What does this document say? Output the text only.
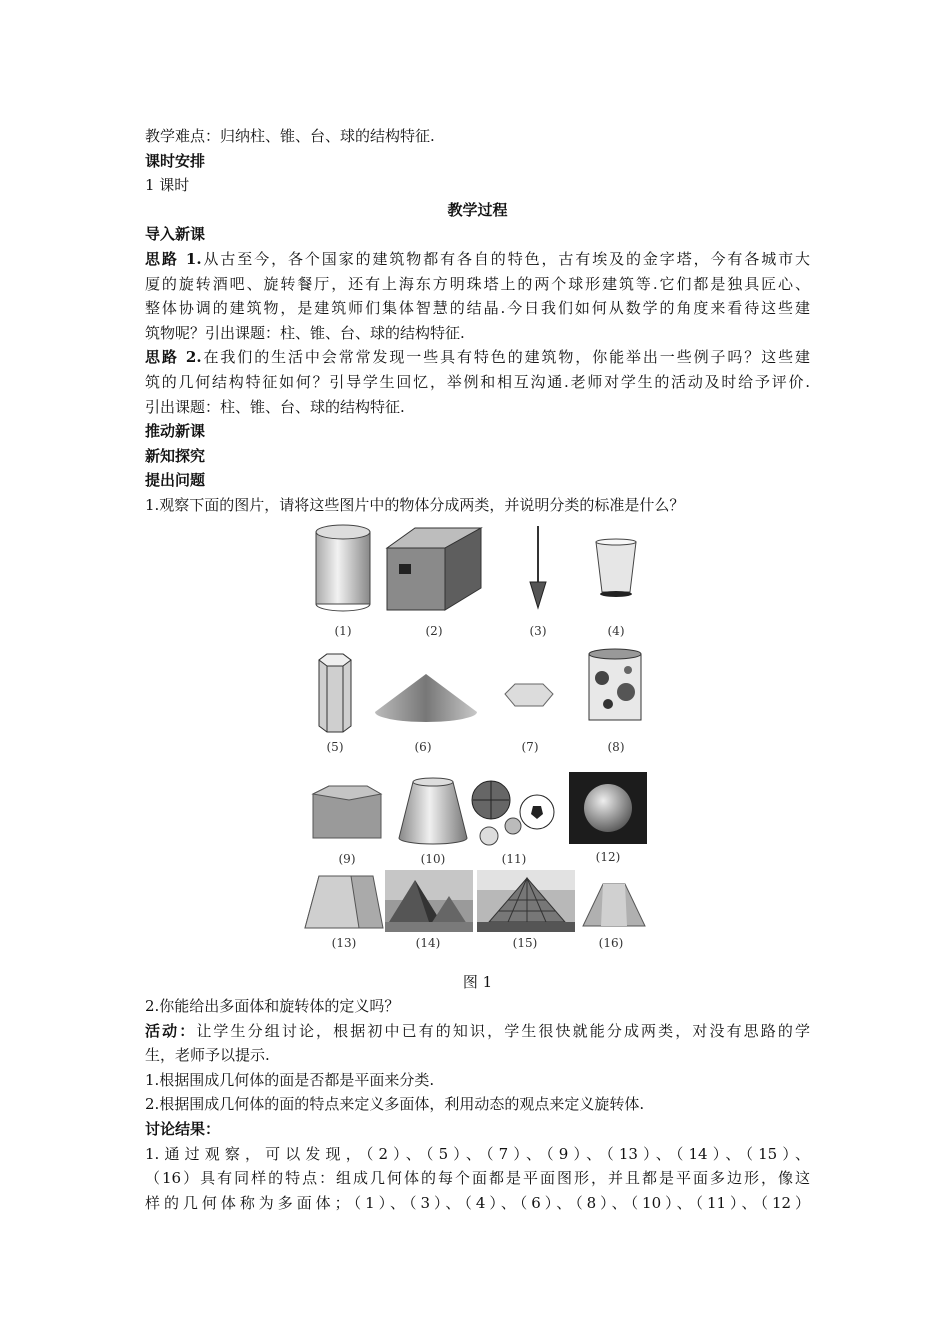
教学难点：归纳柱、锥、台、球的结构特征.
课时安排
1 课时
教学过程
导入新课
思路 1.从古至今，各个国家的建筑物都有各自的特色，古有埃及的金字塔，今有各城市大
厦的旋转酒吧、旋转餐厅，还有上海东方明珠塔上的两个球形建筑等.它们都是独具匠心、
整体协调的建筑物，是建筑师们集体智慧的结晶.今日我们如何从数学的角度来看待这些建
筑物呢？引出课题：柱、锥、台、球的结构特征.
思路 2.在我们的生活中会常常发现一些具有特色的建筑物，你能举出一些例子吗？这些建
筑的几何结构特征如何？引导学生回忆，举例和相互沟通.老师对学生的活动及时给予评价.
引出课题：柱、锥、台、球的结构特征.
推动新课
新知探究
提出问题
1.观察下面的图片，请将这些图片中的物体分成两类，并说明分类的标准是什么？
(1)	(2)	(3)	(4)
(5)	(6)	(7)	(8)
(9)	(10)	(11)	(12)
(13)	(14)	(15)	(16)
图 1
2.你能给出多面体和旋转体的定义吗？
活动：让学生分组讨论，根据初中已有的知识，学生很快就能分成两类，对没有思路的学
生，老师予以提示.
1.根据围成几何体的面是否都是平面来分类.
2.根据围成几何体的面的特点来定义多面体，利用动态的观点来定义旋转体.
讨论结果：
1.通过观察，可以发现，（2）、（5）、（7）、（9）、（13）、（14）、（15）、
（16）具有同样的特点：组成几何体的每个面都是平面图形，并且都是平面多边形，像这
样的几何体称为多面体；（1）、（3）、（4）、（6）、（8）、（10）、（11）、（12）
